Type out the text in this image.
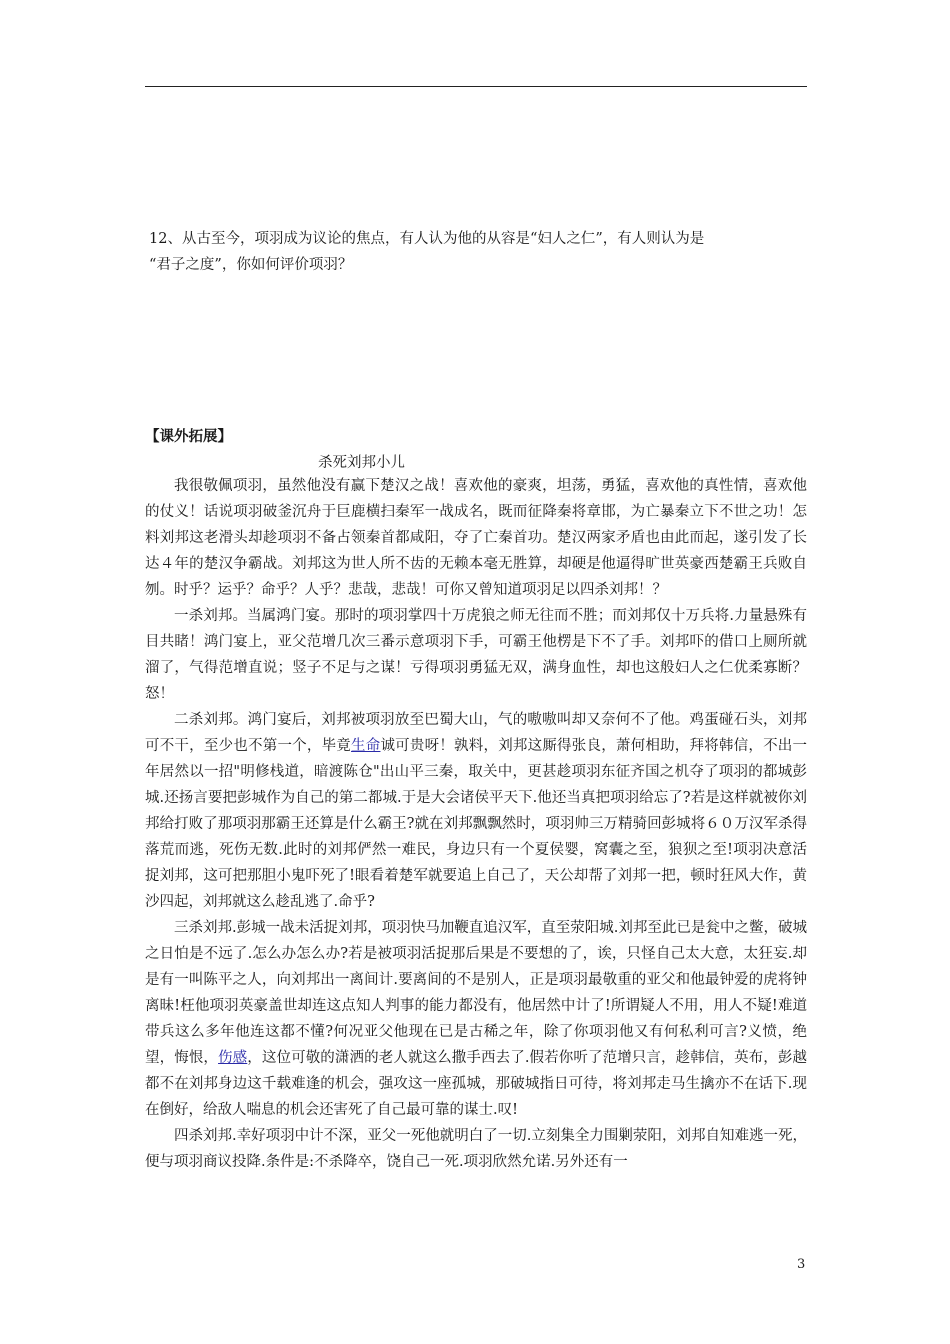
12、从古至今，项羽成为议论的焦点，有人认为他的从容是“妇人之仁”，有人则认为是

“君子之度”，你如何评价项羽？

【课外拓展】
杀死刘邦小儿

我很敬佩项羽，虽然他没有赢下楚汉之战！喜欢他的豪爽，坦荡，勇猛，喜欢他的真性情，喜欢他的仗义！话说项羽破釜沉舟于巨鹿横扫秦军一战成名，既而征降秦将章邯，为亡暴秦立下不世之功！怎料刘邦这老滑头却趁项羽不备占领秦首都咸阳，夺了亡秦首功。楚汉两家矛盾也由此而起，遂引发了长达４年的楚汉争霸战。刘邦这为世人所不齿的无赖本毫无胜算，却硬是他逼得旷世英豪西楚霸王兵败自刎。时乎？运乎？命乎？人乎？悲哉，悲哉！可你又曾知道项羽足以四杀刘邦！？

一杀刘邦。当属鸿门宴。那时的项羽掌四十万虎狼之师无往而不胜；而刘邦仅十万兵将.力量悬殊有目共睹！鸿门宴上，亚父范增几次三番示意项羽下手，可霸王他楞是下不了手。刘邦吓的借口上厕所就溜了，气得范增直说；竖子不足与之谋！亏得项羽勇猛无双，满身血性，却也这般妇人之仁优柔寡断？怒！

二杀刘邦。鸿门宴后，刘邦被项羽放至巴蜀大山，气的嗷嗷叫却又奈何不了他。鸡蛋碰石头，刘邦可不干，至少也不第一个，毕竟生命诚可贵呀！孰料，刘邦这厮得张良，萧何相助，拜将韩信，不出一年居然以一招"明修栈道，暗渡陈仓"出山平三秦，取关中，更甚趁项羽东征齐国之机夺了项羽的都城彭城.还扬言要把彭城作为自己的第二都城.于是大会诸侯平天下.他还当真把项羽给忘了?若是这样就被你刘邦给打败了那项羽那霸王还算是什么霸王?就在刘邦飘飘然时，项羽帅三万精骑回彭城将６０万汉军杀得落荒而逃，死伤无数.此时的刘邦俨然一难民，身边只有一个夏侯婴，窝囊之至，狼狈之至!项羽决意活捉刘邦，这可把那胆小鬼吓死了!眼看着楚军就要追上自己了，天公却帮了刘邦一把，顿时狂风大作，黄沙四起，刘邦就这么趁乱逃了.命乎?

三杀刘邦.彭城一战未活捉刘邦，项羽快马加鞭直追汉军，直至荥阳城.刘邦至此已是瓮中之鳖，破城之日怕是不远了.怎么办怎么办?若是被项羽活捉那后果是不要想的了，诶，只怪自己太大意，太狂妄.却是有一叫陈平之人，向刘邦出一离间计.要离间的不是别人，正是项羽最敬重的亚父和他最钟爱的虎将钟离昧!枉他项羽英豪盖世却连这点知人判事的能力都没有，他居然中计了!所谓疑人不用，用人不疑!难道带兵这么多年他连这都不懂?何况亚父他现在已是古稀之年，除了你项羽他又有何私利可言?义愤，绝望，悔恨，伤感，这位可敬的潇洒的老人就这么撒手西去了.假若你听了范增只言，趁韩信，英布，彭越都不在刘邦身边这千载难逢的机会，强攻这一座孤城，那破城指日可待，将刘邦走马生擒亦不在话下.现在倒好，给敌人喘息的机会还害死了自己最可靠的谋士.叹!

四杀刘邦.幸好项羽中计不深，亚父一死他就明白了一切.立刻集全力围剿荥阳，刘邦自知难逃一死，便与项羽商议投降.条件是:不杀降卒，饶自己一死.项羽欣然允诺.另外还有一

3
